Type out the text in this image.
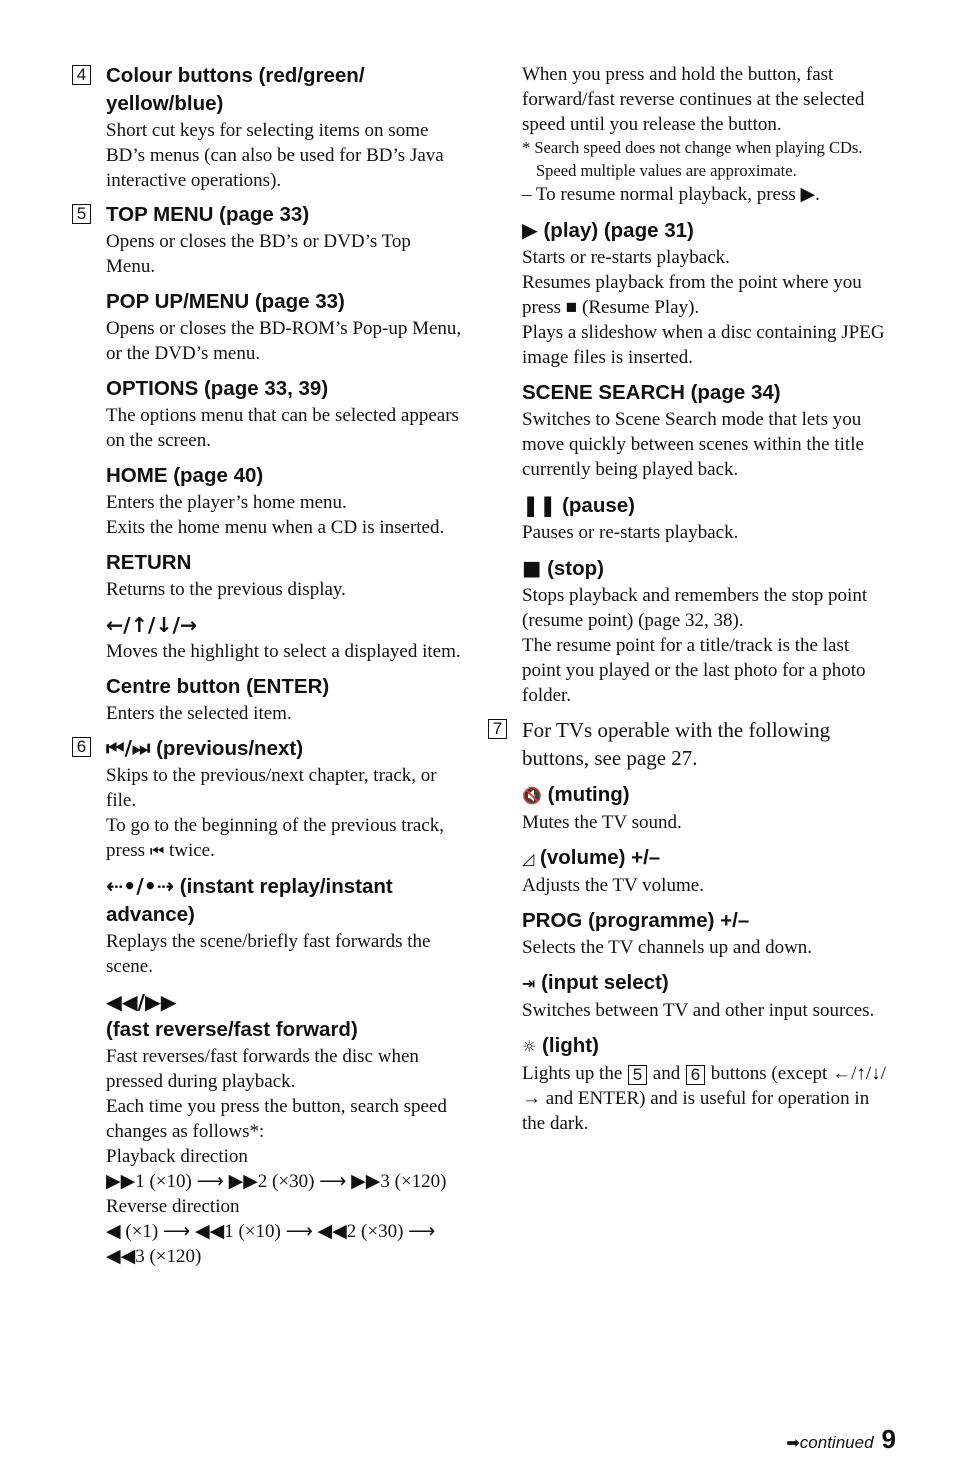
4 Colour buttons (red/green/ yellow/blue)

Short cut keys for selecting items on some BD’s menus (can also be used for BD’s Java interactive operations).

5 TOP MENU (page 33)

Opens or closes the BD’s or DVD’s Top Menu.

POP UP/MENU (page 33)

Opens or closes the BD-ROM’s Pop-up Menu, or the DVD’s menu.

OPTIONS (page 33, 39)

The options menu that can be selected appears on the screen.

HOME (page 40)

Enters the player’s home menu.

Exits the home menu when a CD is inserted.

RETURN

Returns to the previous display.

←/↑/↓/→

Moves the highlight to select a displayed item.

Centre button (ENTER)

Enters the selected item.

6 ⏮/⏭ (previous/next)

Skips to the previous/next chapter, track, or file.

To go to the beginning of the previous track, press ⏮ twice.

⇠•/•⇢ (instant replay/instant advance)

Replays the scene/briefly fast forwards the scene.

◀◀/▶▶

(fast reverse/fast forward)

Fast reverses/fast forwards the disc when pressed during playback.

Each time you press the button, search speed changes as follows*:

Playback direction

▶▶1 (×10) ⟶ ▶▶2 (×30) ⟶ ▶▶3 (×120)

Reverse direction

◀ (×1) ⟶ ◀◀1 (×10) ⟶ ◀◀2 (×30) ⟶ ◀◀3 (×120)

When you press and hold the button, fast forward/fast reverse continues at the selected speed until you release the button.

* Search speed does not change when playing CDs.

Speed multiple values are approximate.

– To resume normal playback, press ▶.

▶ (play) (page 31)

Starts or re-starts playback.

Resumes playback from the point where you press ■ (Resume Play).

Plays a slideshow when a disc containing JPEG image files is inserted.

SCENE SEARCH (page 34)

Switches to Scene Search mode that lets you move quickly between scenes within the title currently being played back.

❚❚ (pause)

Pauses or re-starts playback.

■ (stop)

Stops playback and remembers the stop point (resume point) (page 32, 38).

The resume point for a title/track is the last point you played or the last photo for a photo folder.

7 For TVs operable with the following buttons, see page 27.

🔇 (muting)

Mutes the TV sound.

◿ (volume) +/–

Adjusts the TV volume.

PROG (programme) +/–

Selects the TV channels up and down.

⇥ (input select)

Switches between TV and other input sources.

☼ (light)

Lights up the 5 and 6 buttons (except ←/↑/↓/→ and ENTER) and is useful for operation in the dark.

➡continued 9
